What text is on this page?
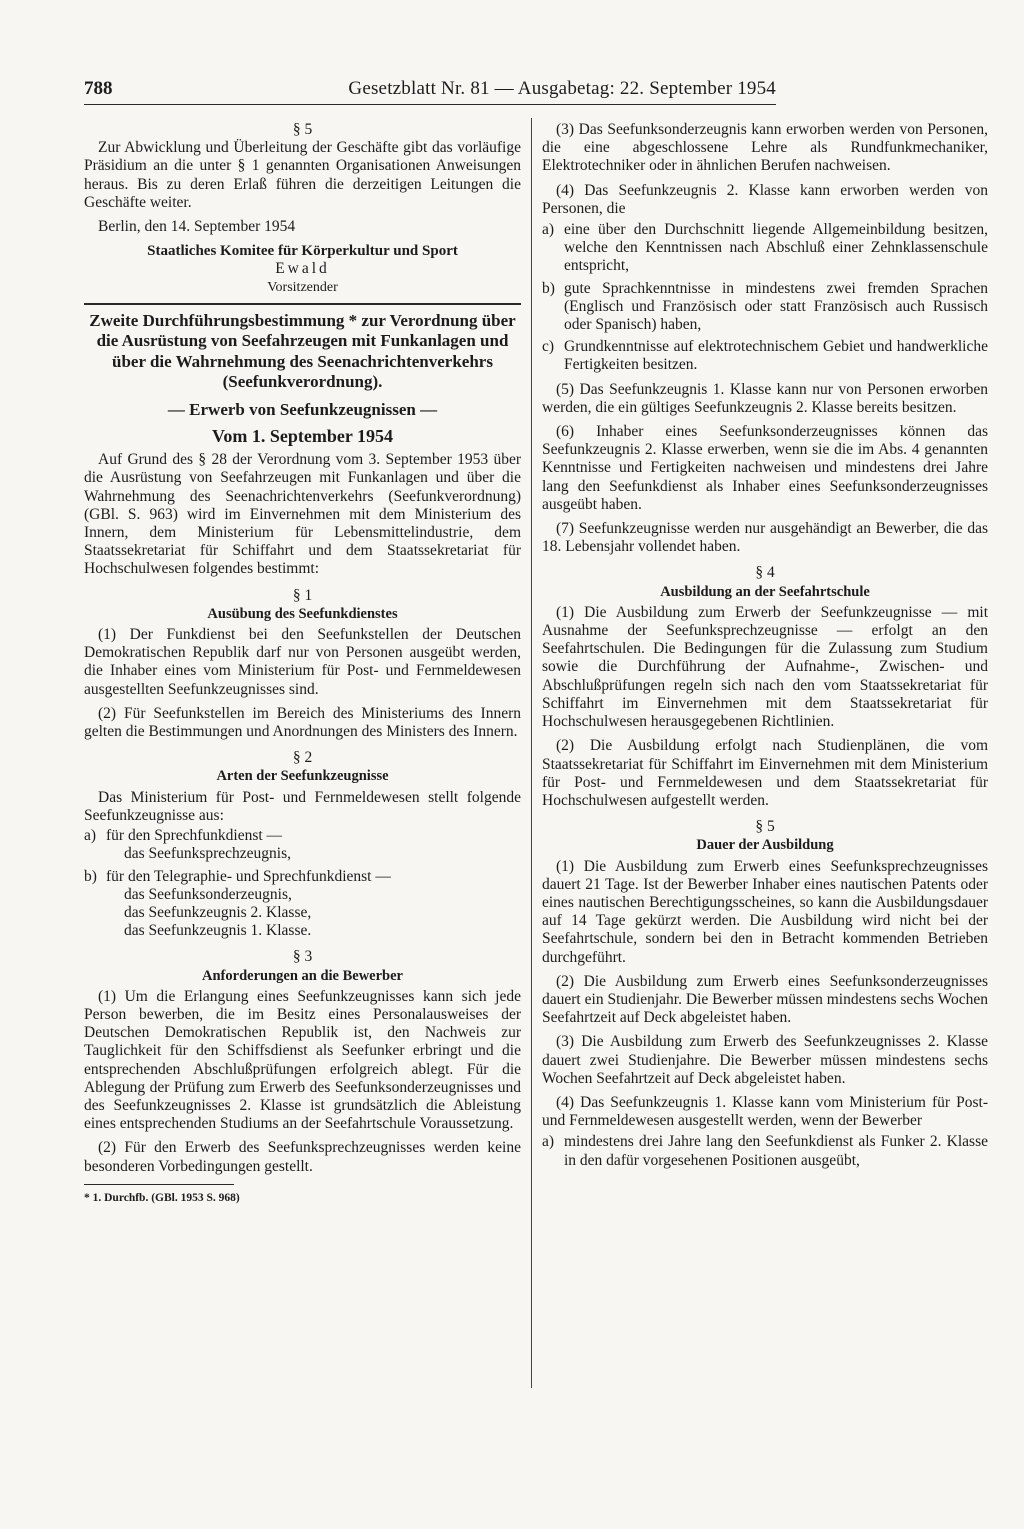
788	Gesetzblatt Nr. 81 — Ausgabetag: 22. September 1954
§ 5

Zur Abwicklung und Überleitung der Geschäfte gibt das vorläufige Präsidium an die unter § 1 genannten Organisationen Anweisungen heraus. Bis zu deren Erlaß führen die derzeitigen Leitungen die Geschäfte weiter.

Berlin, den 14. September 1954

Staatliches Komitee für Körperkultur und Sport
Ewald
Vorsitzender
Zweite Durchführungsbestimmung * zur Verordnung über die Ausrüstung von Seefahrzeugen mit Funkanlagen und über die Wahrnehmung des Seenachrichtenverkehrs (Seefunkverordnung).
— Erwerb von Seefunkzeugnissen —
Vom 1. September 1954

Auf Grund des § 28 der Verordnung vom 3. September 1953 über die Ausrüstung von Seefahrzeugen mit Funkanlagen und über die Wahrnehmung des Seenachrichtenverkehrs (Seefunkverordnung) (GBl. S. 963) wird im Einvernehmen mit dem Ministerium des Innern, dem Ministerium für Lebensmittelindustrie, dem Staatssekretariat für Schiffahrt und dem Staatssekretariat für Hochschulwesen folgendes bestimmt:

§ 1
Ausübung des Seefunkdienstes

(1) Der Funkdienst bei den Seefunkstellen der Deutschen Demokratischen Republik darf nur von Personen ausgeübt werden, die Inhaber eines vom Ministerium für Post- und Fernmeldewesen ausgestellten Seefunkzeugnisses sind.

(2) Für Seefunkstellen im Bereich des Ministeriums des Innern gelten die Bestimmungen und Anordnungen des Ministers des Innern.

§ 2
Arten der Seefunkzeugnisse

Das Ministerium für Post- und Fernmeldewesen stellt folgende Seefunkzeugnisse aus:

a) für den Sprechfunkdienst —
das Seefunksprechzeugnis,
b) für den Telegraphie- und Sprechfunkdienst —
das Seefunksonderzeugnis,
das Seefunkzeugnis 2. Klasse,
das Seefunkzeugnis 1. Klasse.
§ 3
Anforderungen an die Bewerber

(1) Um die Erlangung eines Seefunkzeugnisses kann sich jede Person bewerben, die im Besitz eines Personalausweises der Deutschen Demokratischen Republik ist, den Nachweis zur Tauglichkeit für den Schiffsdienst als Seefunker erbringt und die entsprechenden Abschlußprüfungen erfolgreich ablegt. Für die Ablegung der Prüfung zum Erwerb des Seefunksonderzeugnisses und des Seefunkzeugnisses 2. Klasse ist grundsätzlich die Ableistung eines entsprechenden Studiums an der Seefahrtschule Voraussetzung.

(2) Für den Erwerb des Seefunksprechzeugnisses werden keine besonderen Vorbedingungen gestellt.

* 1. Durchfb. (GBl. 1953 S. 968)

(3) Das Seefunksonderzeugnis kann erworben werden von Personen, die eine abgeschlossene Lehre als Rundfunkmechaniker, Elektrotechniker oder in ähnlichen Berufen nachweisen.

(4) Das Seefunkzeugnis 2. Klasse kann erworben werden von Personen, die

a) eine über den Durchschnitt liegende Allgemeinbildung besitzen, welche den Kenntnissen nach Abschluß einer Zehnklassenschule entspricht,
b) gute Sprachkenntnisse in mindestens zwei fremden Sprachen (Englisch und Französisch oder statt Französisch auch Russisch oder Spanisch) haben,
c) Grundkenntnisse auf elektrotechnischem Gebiet und handwerkliche Fertigkeiten besitzen.

(5) Das Seefunkzeugnis 1. Klasse kann nur von Personen erworben werden, die ein gültiges Seefunkzeugnis 2. Klasse bereits besitzen.

(6) Inhaber eines Seefunksonderzeugnisses können das Seefunkzeugnis 2. Klasse erwerben, wenn sie die im Abs. 4 genannten Kenntnisse und Fertigkeiten nachweisen und mindestens drei Jahre lang den Seefunkdienst als Inhaber eines Seefunksonderzeugnisses ausgeübt haben.

(7) Seefunkzeugnisse werden nur ausgehändigt an Bewerber, die das 18. Lebensjahr vollendet haben.

§ 4
Ausbildung an der Seefahrtschule

(1) Die Ausbildung zum Erwerb der Seefunkzeugnisse — mit Ausnahme der Seefunksprechzeugnisse — erfolgt an den Seefahrtschulen. Die Bedingungen für die Zulassung zum Studium sowie die Durchführung der Aufnahme-, Zwischen- und Abschlußprüfungen regeln sich nach den vom Staatssekretariat für Schiffahrt im Einvernehmen mit dem Staatssekretariat für Hochschulwesen herausgegebenen Richtlinien.

(2) Die Ausbildung erfolgt nach Studienplänen, die vom Staatssekretariat für Schiffahrt im Einvernehmen mit dem Ministerium für Post- und Fernmeldewesen und dem Staatssekretariat für Hochschulwesen aufgestellt werden.

§ 5
Dauer der Ausbildung

(1) Die Ausbildung zum Erwerb eines Seefunksprechzeugnisses dauert 21 Tage. Ist der Bewerber Inhaber eines nautischen Patents oder eines nautischen Berechtigungsscheines, so kann die Ausbildungsdauer auf 14 Tage gekürzt werden. Die Ausbildung wird nicht bei der Seefahrtschule, sondern bei den in Betracht kommenden Betrieben durchgeführt.

(2) Die Ausbildung zum Erwerb eines Seefunksonderzeugnisses dauert ein Studienjahr. Die Bewerber müssen mindestens sechs Wochen Seefahrtzeit auf Deck abgeleistet haben.

(3) Die Ausbildung zum Erwerb des Seefunkzeugnisses 2. Klasse dauert zwei Studienjahre. Die Bewerber müssen mindestens sechs Wochen Seefahrtzeit auf Deck abgeleistet haben.

(4) Das Seefunkzeugnis 1. Klasse kann vom Ministerium für Post- und Fernmeldewesen ausgestellt werden, wenn der Bewerber

a) mindestens drei Jahre lang den Seefunkdienst als Funker 2. Klasse in den dafür vorgesehenen Positionen ausgeübt,
